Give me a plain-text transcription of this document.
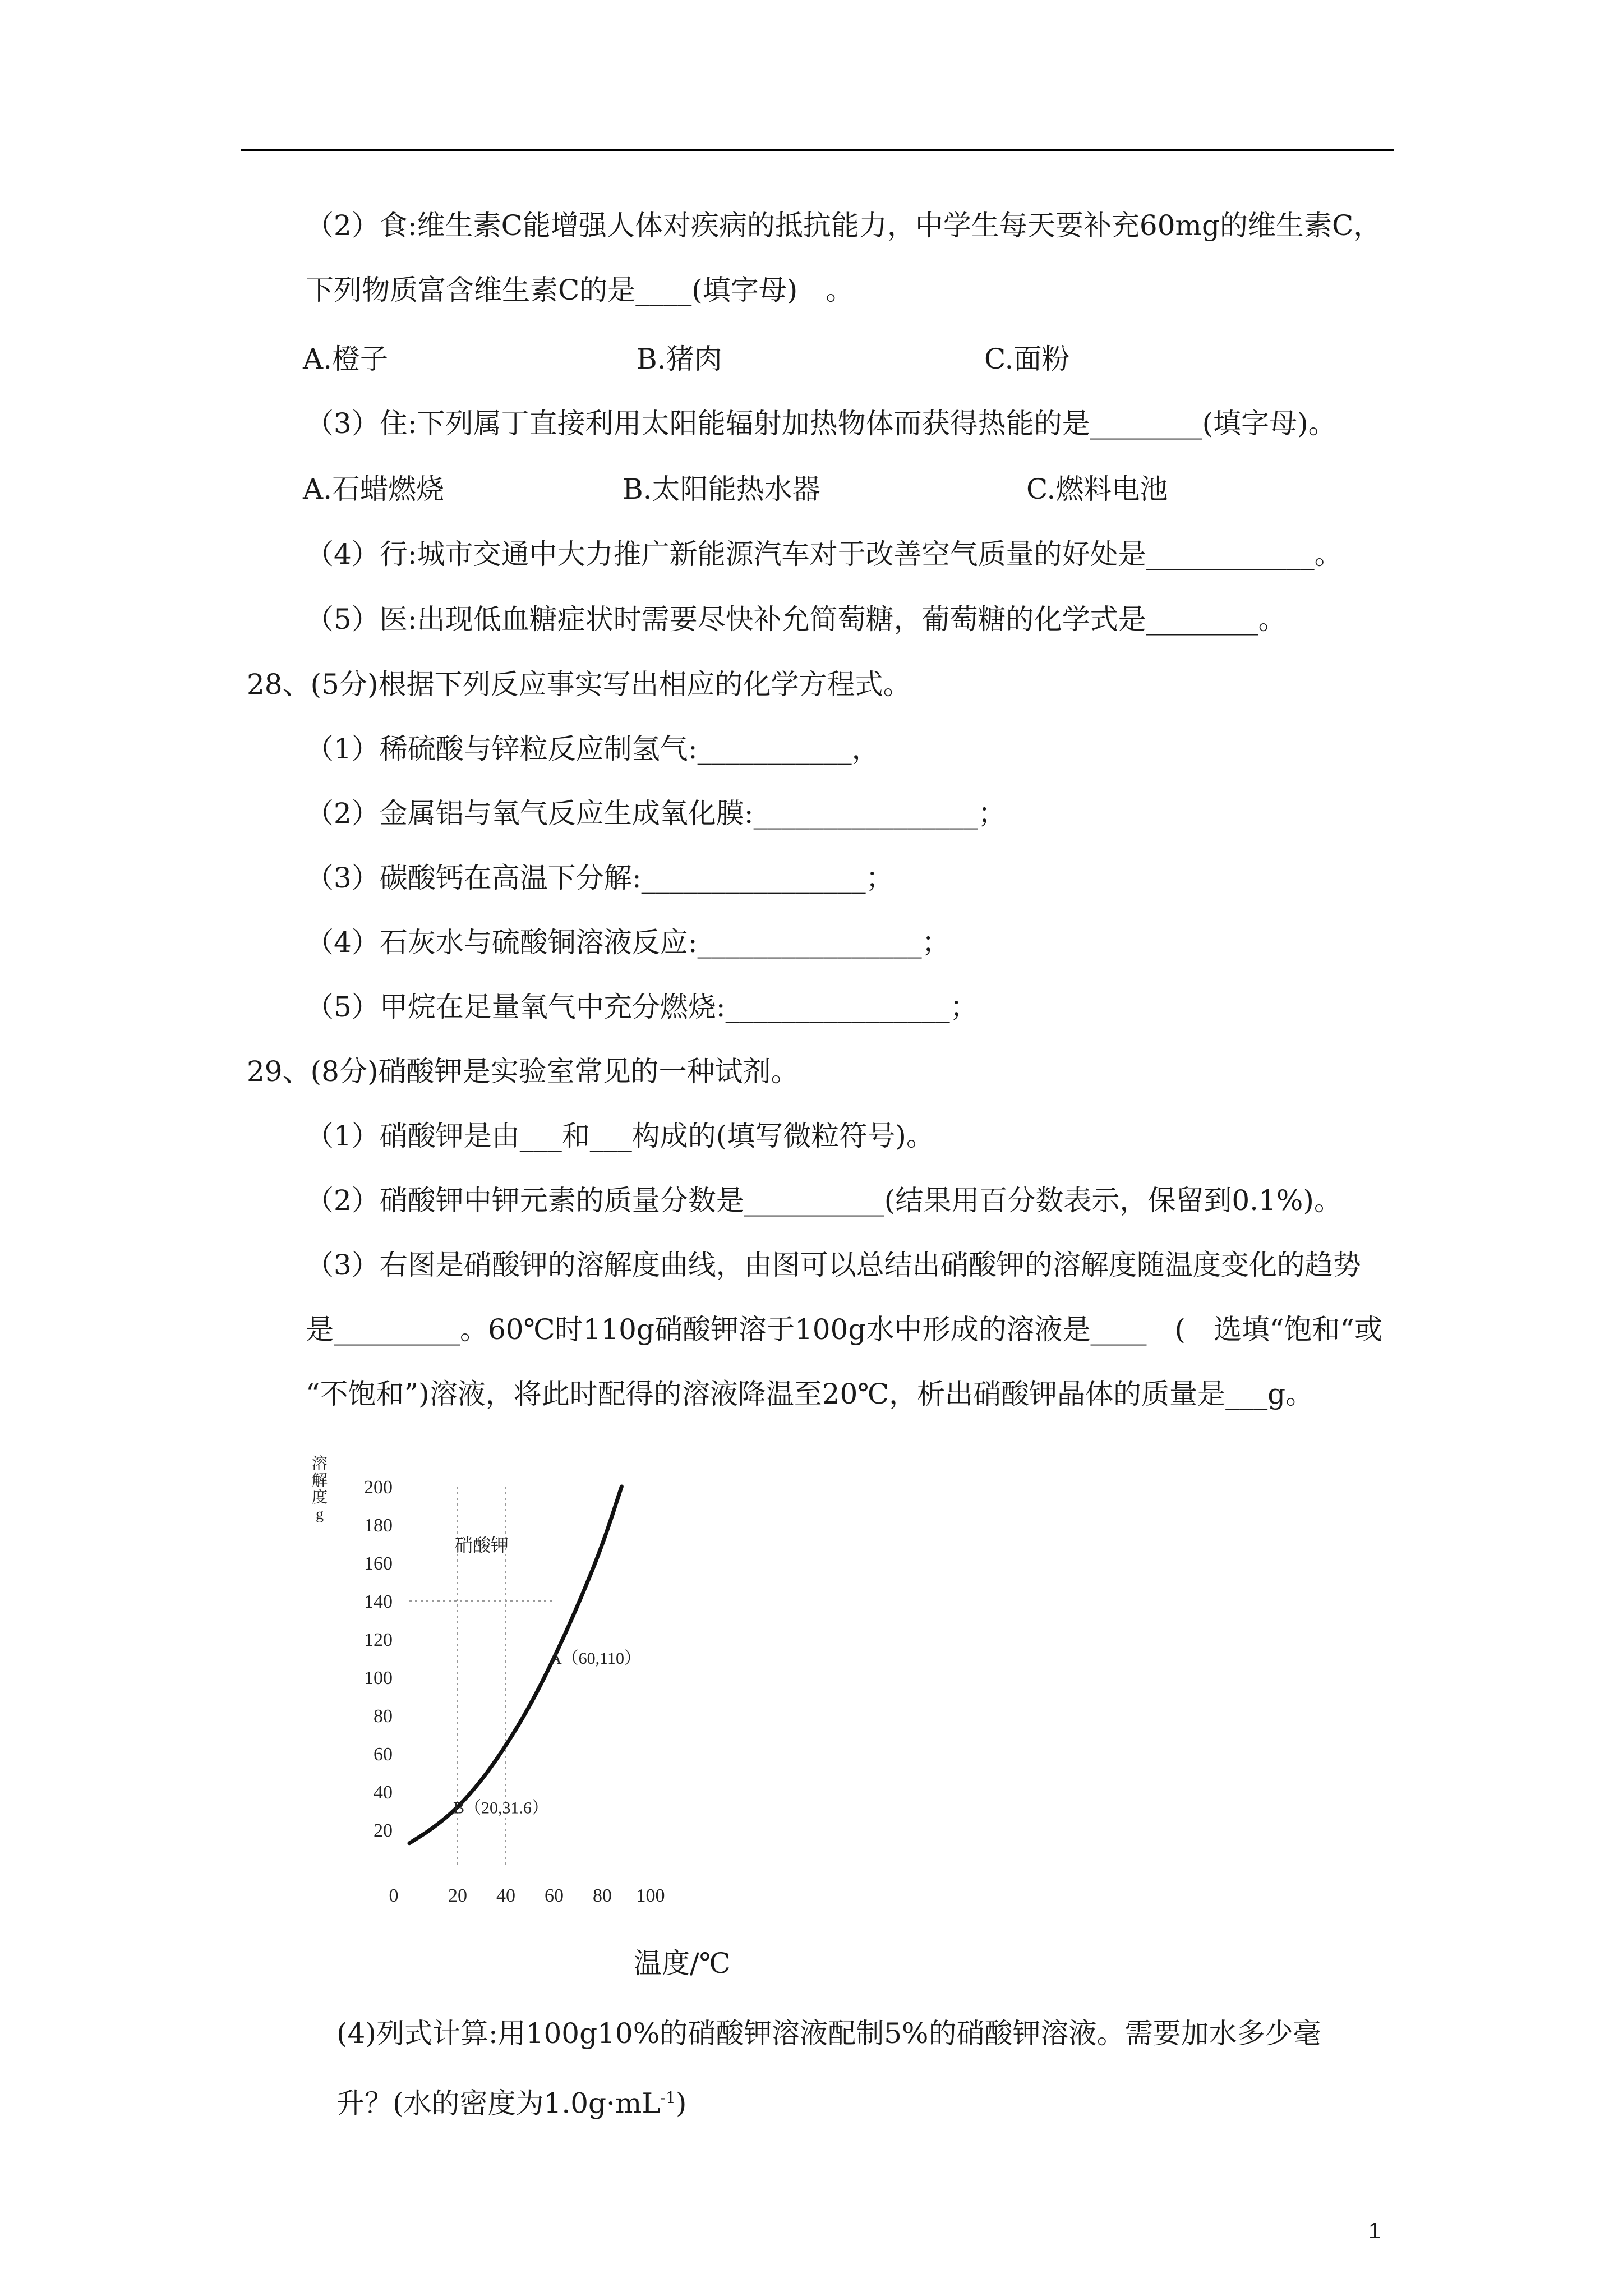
（2）食:维生素C能增强人体对疾病的抵抗能力，中学生每天要补充60mg的维生素C，
下列物质富含维生素C的是____(填字母)　。
A.橙子	B.猪肉	C.面粉
（3）住:下列属丁直接利用太阳能辐射加热物体而获得热能的是________(填字母)。
A.石蜡燃烧	B.太阳能热水器	C.燃料电池
（4）行:城市交通中大力推广新能源汽车对于改善空气质量的好处是____________。
（5）医:出现低血糖症状时需要尽快补允简萄糖，葡萄糖的化学式是________。
28、(5分)根据下列反应事实写出相应的化学方程式。
（1）稀硫酸与锌粒反应制氢气:___________，
（2）金属铝与氧气反应生成氧化膜:________________；
（3）碳酸钙在高温下分解:________________；
（4）石灰水与硫酸铜溶液反应:________________；
（5）甲烷在足量氧气中充分燃烧:________________；
29、(8分)硝酸钾是实验室常见的一种试剂。
（1）硝酸钾是由___和___构成的(填写微粒符号)。
（2）硝酸钾中钾元素的质量分数是__________(结果用百分数表示，保留到0.1%)。
（3）右图是硝酸钾的溶解度曲线，由图可以总结出硝酸钾的溶解度随温度变化的趋势
是_________。60℃时110g硝酸钾溶于100g水中形成的溶液是____　(　选填“饱和“或
“不饱和”)溶液，将此时配得的溶液降温至20℃，析出硝酸钾晶体的质量是___g。
20
40
60
80
100
120
140
160
180
200
0	20 40 60 80 100
溶
解
度
g
硝酸钾
A（60,110）
B（20,31.6）
温度/℃
(4)列式计算:用100g10%的硝酸钾溶液配制5%的硝酸钾溶液。需要加水多少毫
升？(水的密度为$1.0g\cdot mL^{-1}$)
1
